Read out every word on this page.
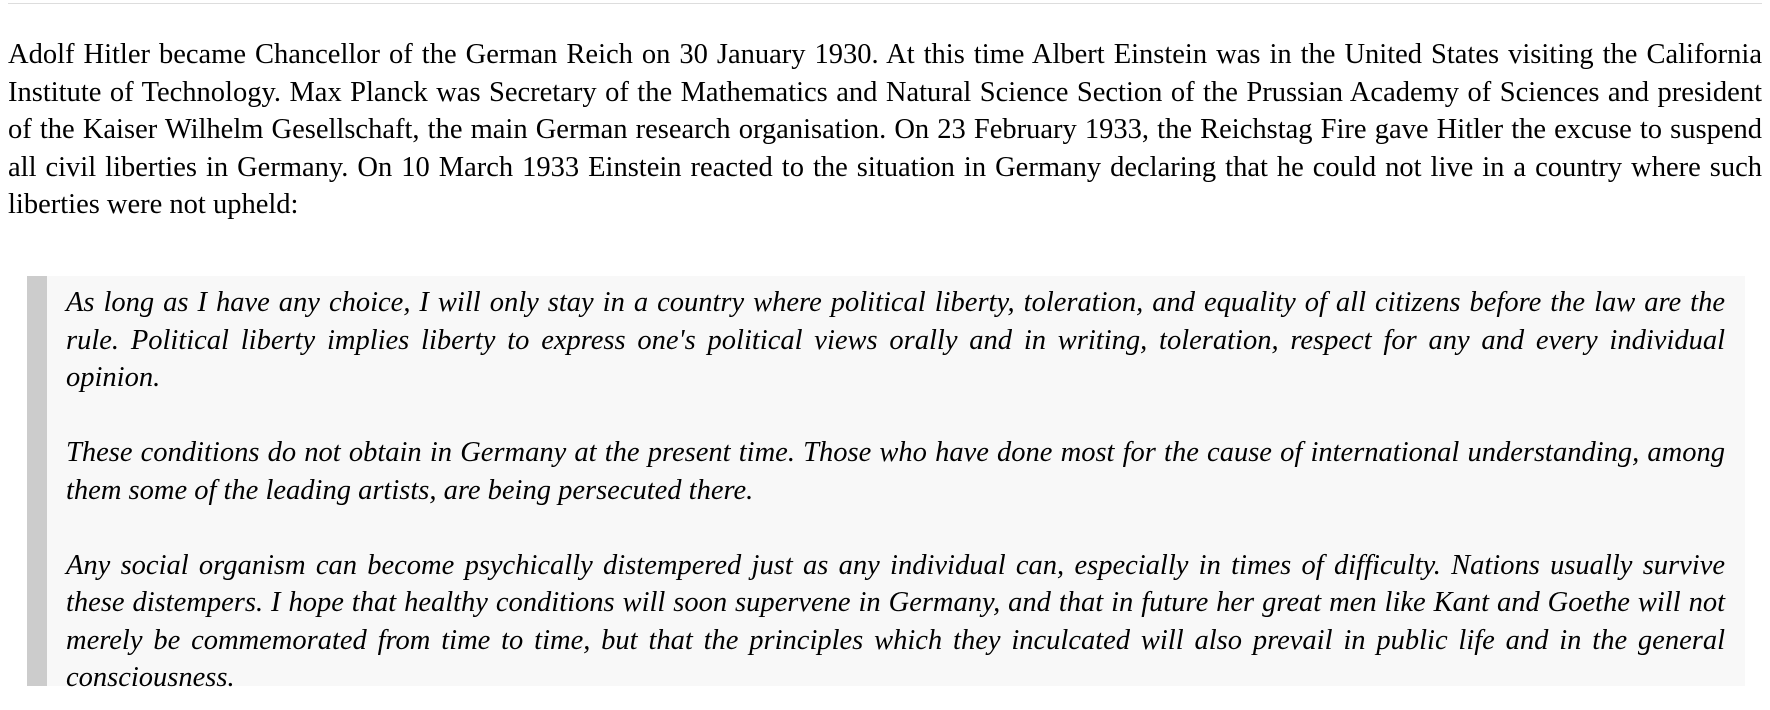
Adolf Hitler became Chancellor of the German Reich on 30 January 1930. At this time Albert Einstein was in the United States visiting the California Institute of Technology. Max Planck was Secretary of the Mathematics and Natural Science Section of the Prussian Academy of Sciences and president of the Kaiser Wilhelm Gesellschaft, the main German research organisation. On 23 February 1933, the Reichstag Fire gave Hitler the excuse to suspend all civil liberties in Germany. On 10 March 1933 Einstein reacted to the situation in Germany declaring that he could not live in a country where such liberties were not upheld:

As long as I have any choice, I will only stay in a country where political liberty, toleration, and equality of all citizens before the law are the rule. Political liberty implies liberty to express one's political views orally and in writing, toleration, respect for any and every individual opinion.

These conditions do not obtain in Germany at the present time. Those who have done most for the cause of international understanding, among them some of the leading artists, are being persecuted there.

Any social organism can become psychically distempered just as any individual can, especially in times of difficulty. Nations usually survive these distempers. I hope that healthy conditions will soon supervene in Germany, and that in future her great men like Kant and Goethe will not merely be commemorated from time to time, but that the principles which they inculcated will also prevail in public life and in the general consciousness.
